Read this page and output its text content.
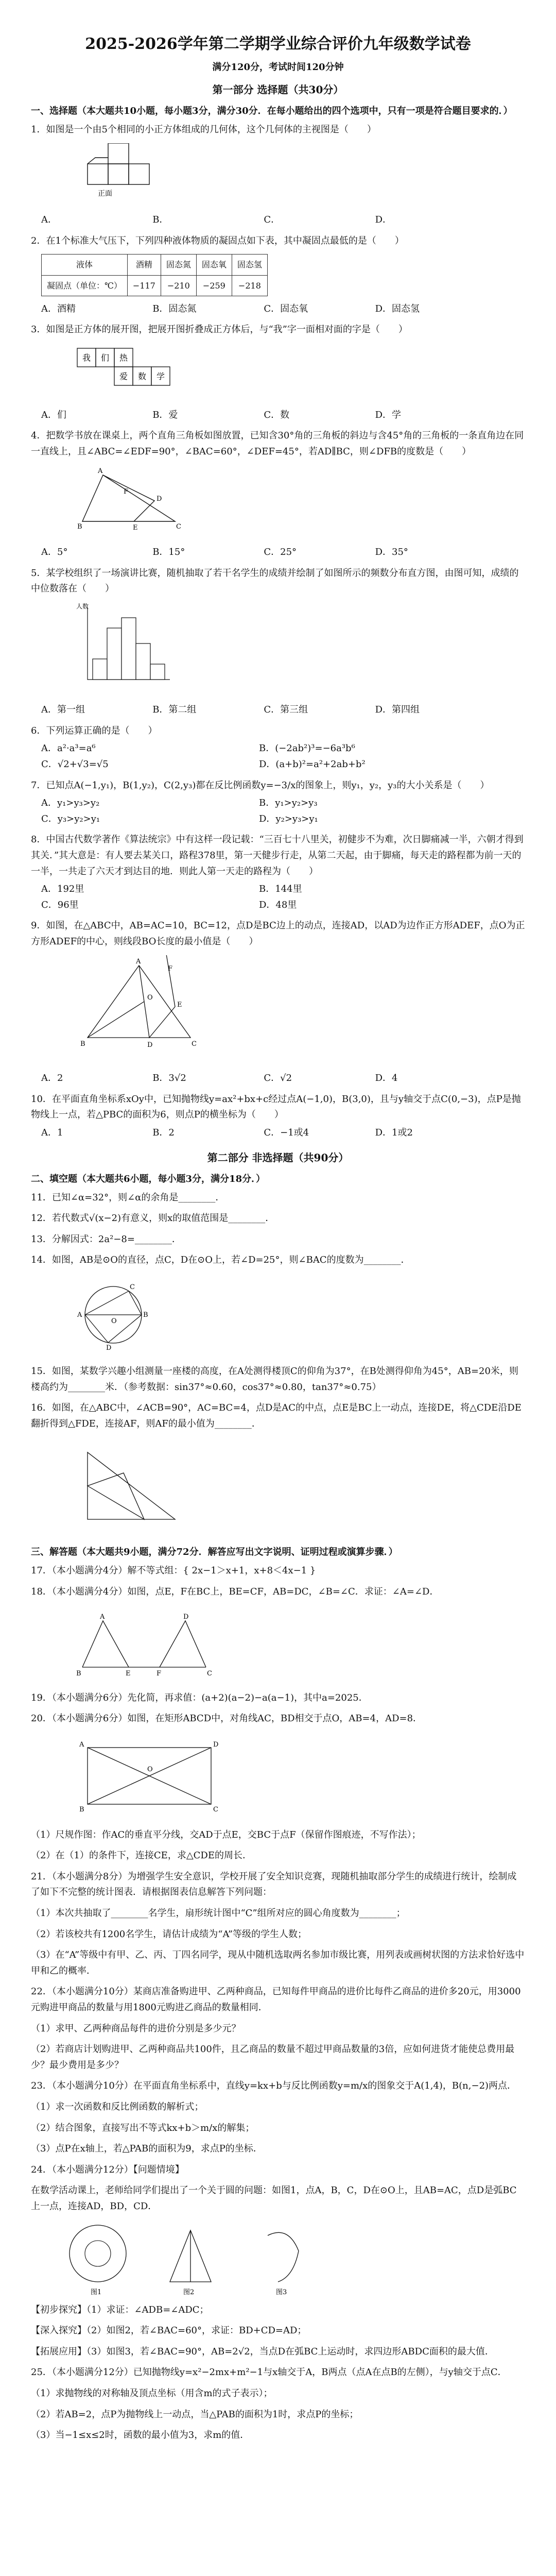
2025-2026学年第二学期学业综合评价九年级数学试卷
满分120分，考试时间120分钟
第一部分 选择题（共30分）
一、选择题（本大题共10小题，每小题3分，满分30分．在每小题给出的四个选项中，只有一项是符合题目要求的．）
1．如图是一个由5个相同的小正方体组成的几何体，这个几何体的主视图是（　　）
正面
A．	B．	C．	D．
2．在1个标准大气压下，下列四种液体物质的凝固点如下表，其中凝固点最低的是（　　）
液体	酒精	固态氮	固态氧	固态氢
凝固点（单位：℃）	−117	−210	−259	−218
A．酒精	B．固态氮	C．固态氧	D．固态氢
3．如图是正方体的展开图，把展开图折叠成正方体后，与“我”字一面相对面的字是（　　）
我 们 热
爱 数 学
A．们	B．爱	C．数	D．学
4．把数学书放在课桌上，两个直角三角板如图放置，已知含30°角的三角板的斜边与含45°角的三角板的一条直角边在同一直线上，且∠ABC=∠EDF=90°，∠BAC=60°，∠DEF=45°，若AD∥BC，则∠DFB的度数是（　　）
A
B	C
D
E
F
A．5°	B．15°	C．25°	D．35°
5．某学校组织了一场演讲比赛，随机抽取了若干名学生的成绩并绘制了如图所示的频数分布直方图，由图可知，成绩的中位数落在（　　）
人数
A．第一组	B．第二组	C．第三组	D．第四组
6．下列运算正确的是（　　）
A．a²·a³=a⁶	B．(−2ab²)³=−6a³b⁶
C．√2+√3=√5	D．(a+b)²=a²+2ab+b²
7．已知点A(−1,y₁)，B(1,y₂)，C(2,y₃)都在反比例函数y=−3/x的图象上，则y₁，y₂，y₃的大小关系是（　　）
A．y₁>y₃>y₂	B．y₁>y₂>y₃
C．y₃>y₂>y₁	D．y₂>y₃>y₁
8．中国古代数学著作《算法统宗》中有这样一段记载：“三百七十八里关，初健步不为难，次日脚痛减一半，六朝才得到其关．”其大意是：有人要去某关口，路程378里，第一天健步行走，从第二天起，由于脚痛，每天走的路程都为前一天的一半，一共走了六天才到达目的地．则此人第一天走的路程为（　　）
A．192里	B．144里
C．96里	D．48里
9．如图，在△ABC中，AB=AC=10，BC=12，点D是BC边上的动点，连接AD，以AD为边作正方形ADEF，点O为正方形ADEF的中心，则线段BO长度的最小值是（　　）
A
B	C
D
E
F
O
A．2	B．3√2	C．√2	D．4
10．在平面直角坐标系xOy中，已知抛物线y=ax²+bx+c经过点A(−1,0)，B(3,0)，且与y轴交于点C(0,−3)，点P是抛物线上一点，若△PBC的面积为6，则点P的横坐标为（　　）
A．1	B．2	C．−1或4	D．1或2
第二部分 非选择题（共90分）
二、填空题（本大题共6小题，每小题3分，满分18分．）
11．已知∠α=32°，则∠α的余角是________．
12．若代数式√(x−2)有意义，则x的取值范围是________．
13．分解因式：2a²−8=________．
14．如图，AB是⊙O的直径，点C，D在⊙O上，若∠D=25°，则∠BAC的度数为________．
A	B
C
D
O
15．如图，某数学兴趣小组测量一座楼的高度，在A处测得楼顶C的仰角为37°，在B处测得仰角为45°，AB=20米，则楼高约为________米．（参考数据：sin37°≈0.60，cos37°≈0.80，tan37°≈0.75）
16．如图，在△ABC中，∠ACB=90°，AC=BC=4，点D是AC的中点，点E是BC上一动点，连接DE，将△CDE沿DE翻折得到△FDE，连接AF，则AF的最小值为________．
三、解答题（本大题共9小题，满分72分．解答应写出文字说明、证明过程或演算步骤．）
17．（本小题满分4分）解不等式组：{ 2x−1＞x+1，x+8＜4x−1 }
18．（本小题满分4分）如图，点E，F在BC上，BE=CF，AB=DC，∠B=∠C．求证：∠A=∠D．
A
B	C
D
E	F
19．（本小题满分6分）先化简，再求值：(a+2)(a−2)−a(a−1)，其中a=2025．
20．（本小题满分6分）如图，在矩形ABCD中，对角线AC，BD相交于点O，AB=4，AD=8．
A
B	C
D
O
（1）尺规作图：作AC的垂直平分线，交AD于点E，交BC于点F（保留作图痕迹，不写作法）；
（2）在（1）的条件下，连接CE，求△CDE的周长．
21．（本小题满分8分）为增强学生安全意识，学校开展了安全知识竞赛，现随机抽取部分学生的成绩进行统计，绘制成了如下不完整的统计图表．请根据图表信息解答下列问题：
（1）本次共抽取了________名学生，扇形统计图中“C”组所对应的圆心角度数为________；
（2）若该校共有1200名学生，请估计成绩为“A”等级的学生人数；
（3）在“A”等级中有甲、乙、丙、丁四名同学，现从中随机选取两名参加市级比赛，用列表或画树状图的方法求恰好选中甲和乙的概率．
22．（本小题满分10分）某商店准备购进甲、乙两种商品，已知每件甲商品的进价比每件乙商品的进价多20元，用3000元购进甲商品的数量与用1800元购进乙商品的数量相同．
（1）求甲、乙两种商品每件的进价分别是多少元？
（2）若商店计划购进甲、乙两种商品共100件，且乙商品的数量不超过甲商品数量的3倍，应如何进货才能使总费用最少？最少费用是多少？
23．（本小题满分10分）在平面直角坐标系中，直线y=kx+b与反比例函数y=m/x的图象交于A(1,4)，B(n,−2)两点．
（1）求一次函数和反比例函数的解析式；
（2）结合图象，直接写出不等式kx+b＞m/x的解集；
（3）点P在x轴上，若△PAB的面积为9，求点P的坐标．
24．（本小题满分12分）【问题情境】
在数学活动课上，老师给同学们提出了一个关于圆的问题：如图1，点A，B，C，D在⊙O上，且AB=AC，点D是弧BC上一点，连接AD，BD，CD．
图1	图2	图3
【初步探究】（1）求证：∠ADB=∠ADC；
【深入探究】（2）如图2，若∠BAC=60°，求证：BD+CD=AD；
【拓展应用】（3）如图3，若∠BAC=90°，AB=2√2，当点D在弧BC上运动时，求四边形ABDC面积的最大值．
25．（本小题满分12分）已知抛物线y=x²−2mx+m²−1与x轴交于A，B两点（点A在点B的左侧），与y轴交于点C．
（1）求抛物线的对称轴及顶点坐标（用含m的式子表示）；
（2）若AB=2，点P为抛物线上一动点，当△PAB的面积为1时，求点P的坐标；
（3）当−1≤x≤2时，函数的最小值为3，求m的值．
